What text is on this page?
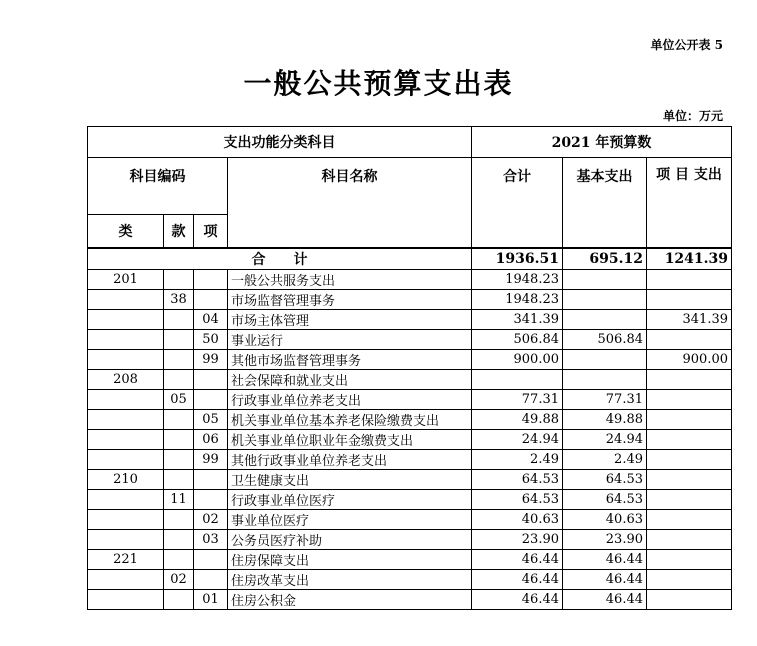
单位公开表 5
一般公共预算支出表
单位：万元
支出功能分类科目				2021 年预算数		
科目编码			科目名称	合计	基本支出	项 目 支出
类	款	项				
合　　计				1936.51	695.12	1241.39
201			一般公共服务支出	1948.23		
	38		市场监督管理事务	1948.23		
		04	市场主体管理	341.39		341.39
		50	事业运行	506.84	506.84	
		99	其他市场监督管理事务	900.00		900.00
208			社会保障和就业支出			
	05		行政事业单位养老支出	77.31	77.31	
		05	机关事业单位基本养老保险缴费支出	49.88	49.88	
		06	机关事业单位职业年金缴费支出	24.94	24.94	
		99	其他行政事业单位养老支出	2.49	2.49	
210			卫生健康支出	64.53	64.53	
	11		行政事业单位医疗	64.53	64.53	
		02	事业单位医疗	40.63	40.63	
		03	公务员医疗补助	23.90	23.90	
221			住房保障支出	46.44	46.44	
	02		住房改革支出	46.44	46.44	
		01	住房公积金	46.44	46.44	
